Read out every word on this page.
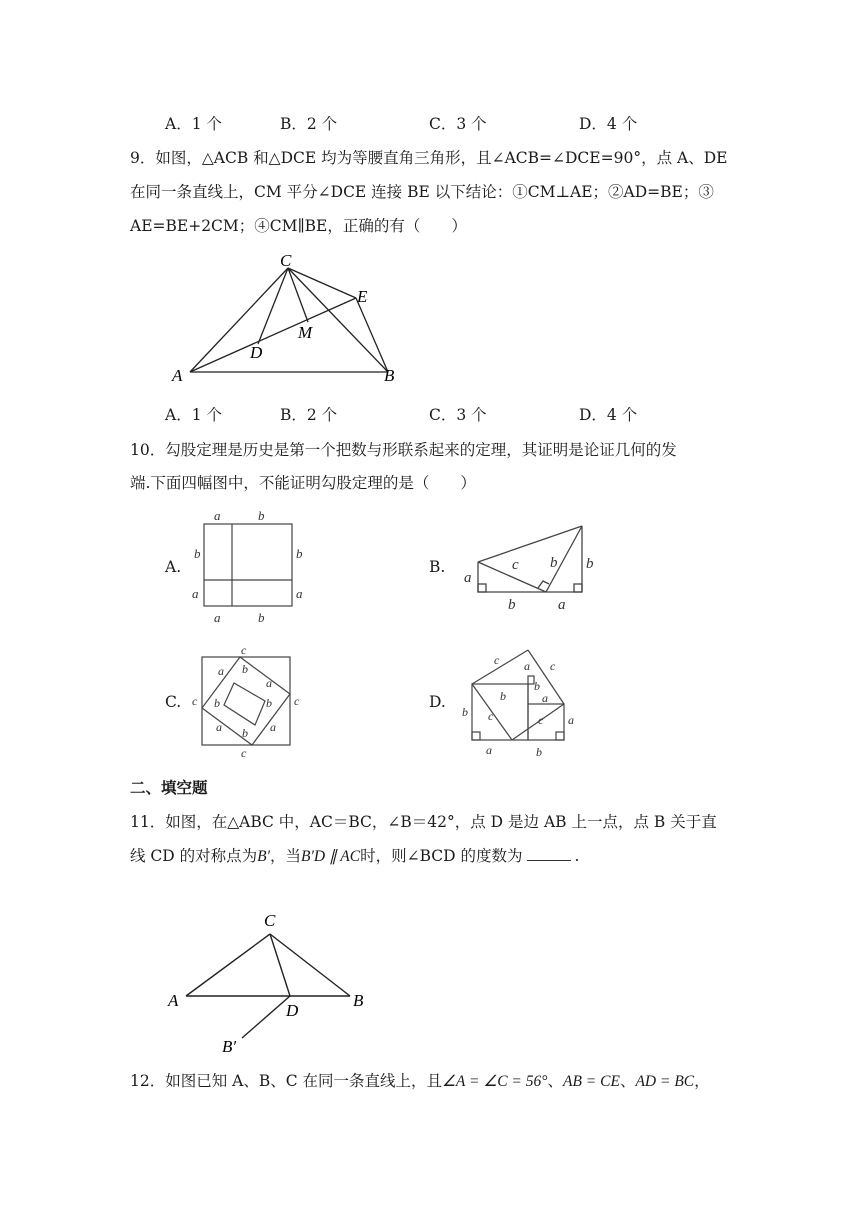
A．1 个	B．2 个	C．3 个	D．4 个
9．如图，△ACB 和△DCE 均为等腰直角三角形，且∠ACB=∠DCE=90°，点 A、DE
在同一条直线上，CM 平分∠DCE 连接 BE 以下结论：①CM⊥AE；②AD=BE；③
AE=BE+2CM；④CM∥BE，正确的有（　　）
C
E
M
D
A	B
A．1 个	B．2 个	C．3 个	D．4 个
10．勾股定理是历史是第一个把数与形联系起来的定理，其证明是论证几何的发
端.下面四幅图中，不能证明勾股定理的是（　　）
A.	B.
C.	D.
a	b
b	b
a	a
a	b
a
c b b
b	a
c
a b
a
b
c	c
b
a b a
c
c a c
b
b
a
b c	c a
a	b
二、填空题
11．如图，在△ABC 中，AC＝BC，∠B＝42°，点 D 是边 AB 上一点，点 B 关于直
线 CD 的对称点为B′，当B′D ∥ AC时，则∠BCD 的度数为	.
C
A
D
B
B′
12．如图已知 A、B、C 在同一条直线上，且∠A = ∠C = 56°、AB = CE、AD = BC，
